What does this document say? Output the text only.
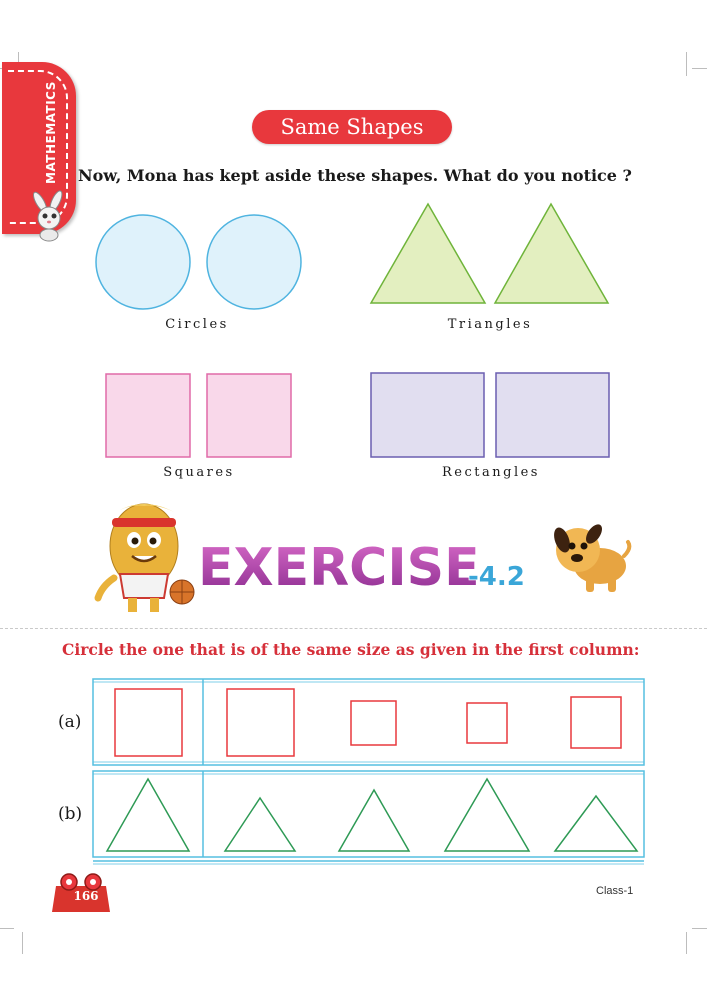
MATHEMATICS	Same Shapes
Now, Mona has kept aside these shapes. What do you notice ?
Circles	Triangles
Squares	Rectangles
EXERCISE
-4.2
Circle the one that is of the same size as given in the first column:
(a)
(b)
166	Class-1
